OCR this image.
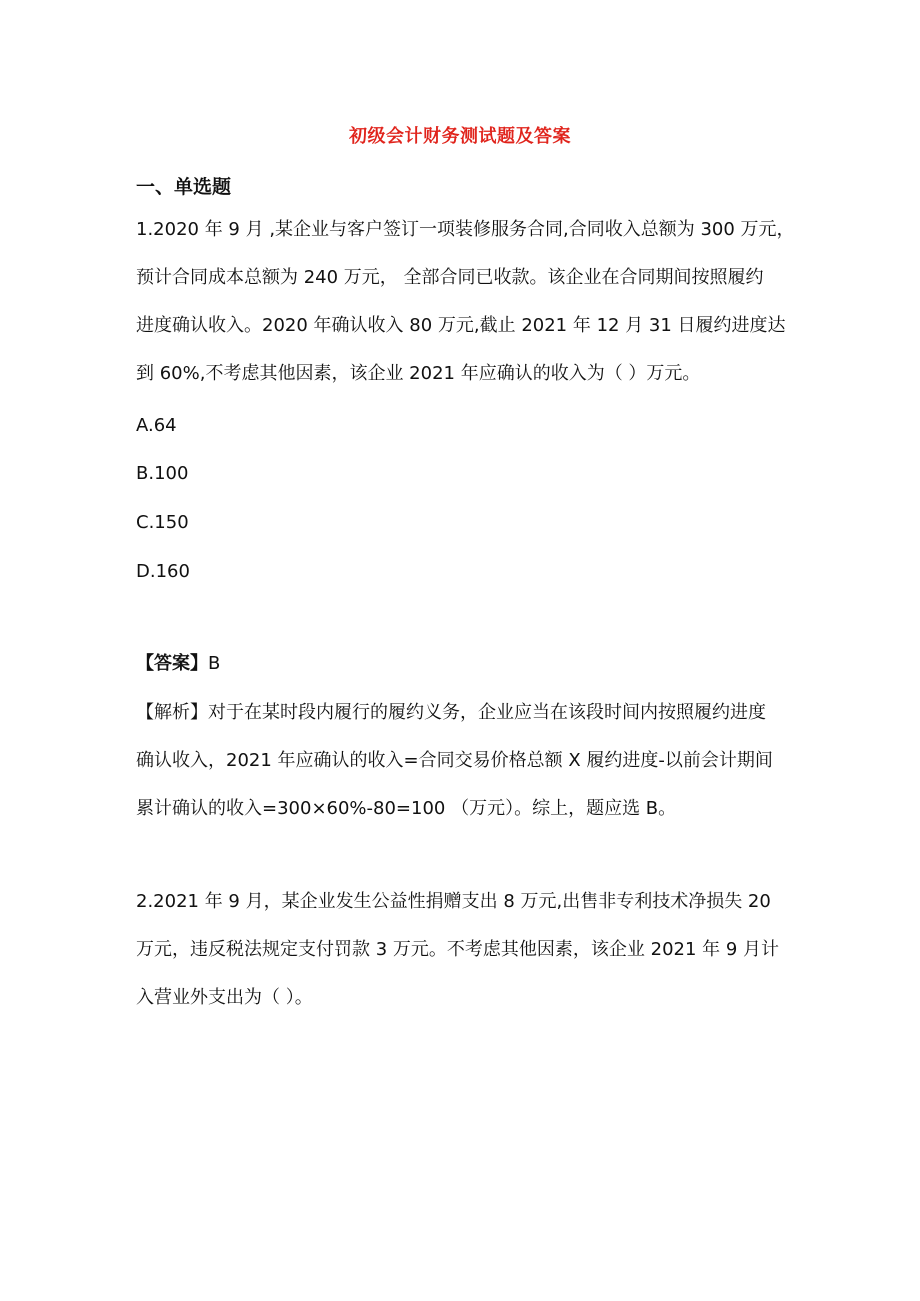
初级会计财务测试题及答案
一、单选题
1.2020 年 9 月 ,某企业与客户签订一项装修服务合同,合同收入总额为 300 万元，
预计合同成本总额为 240 万元， 全部合同已收款。该企业在合同期间按照履约
进度确认收入。2020 年确认收入 80 万元,截止 2021 年 12 月 31 日履约进度达
到 60%,不考虑其他因素，该企业 2021 年应确认的收入为（ ）万元。
A.64
B.100
C.150
D.160
【答案】B
【解析】对于在某时段内履行的履约义务，企业应当在该段时间内按照履约进度
确认收入，2021 年应确认的收入=合同交易价格总额 X 履约进度-以前会计期间
累计确认的收入=300×60%-80=100 （万元）。综上，题应选 B。
2.2021 年 9 月，某企业发生公益性捐赠支出 8 万元,出售非专利技术净损失 20
万元，违反税法规定支付罚款 3 万元。不考虑其他因素，该企业 2021 年 9 月计
入营业外支出为（ ）。
